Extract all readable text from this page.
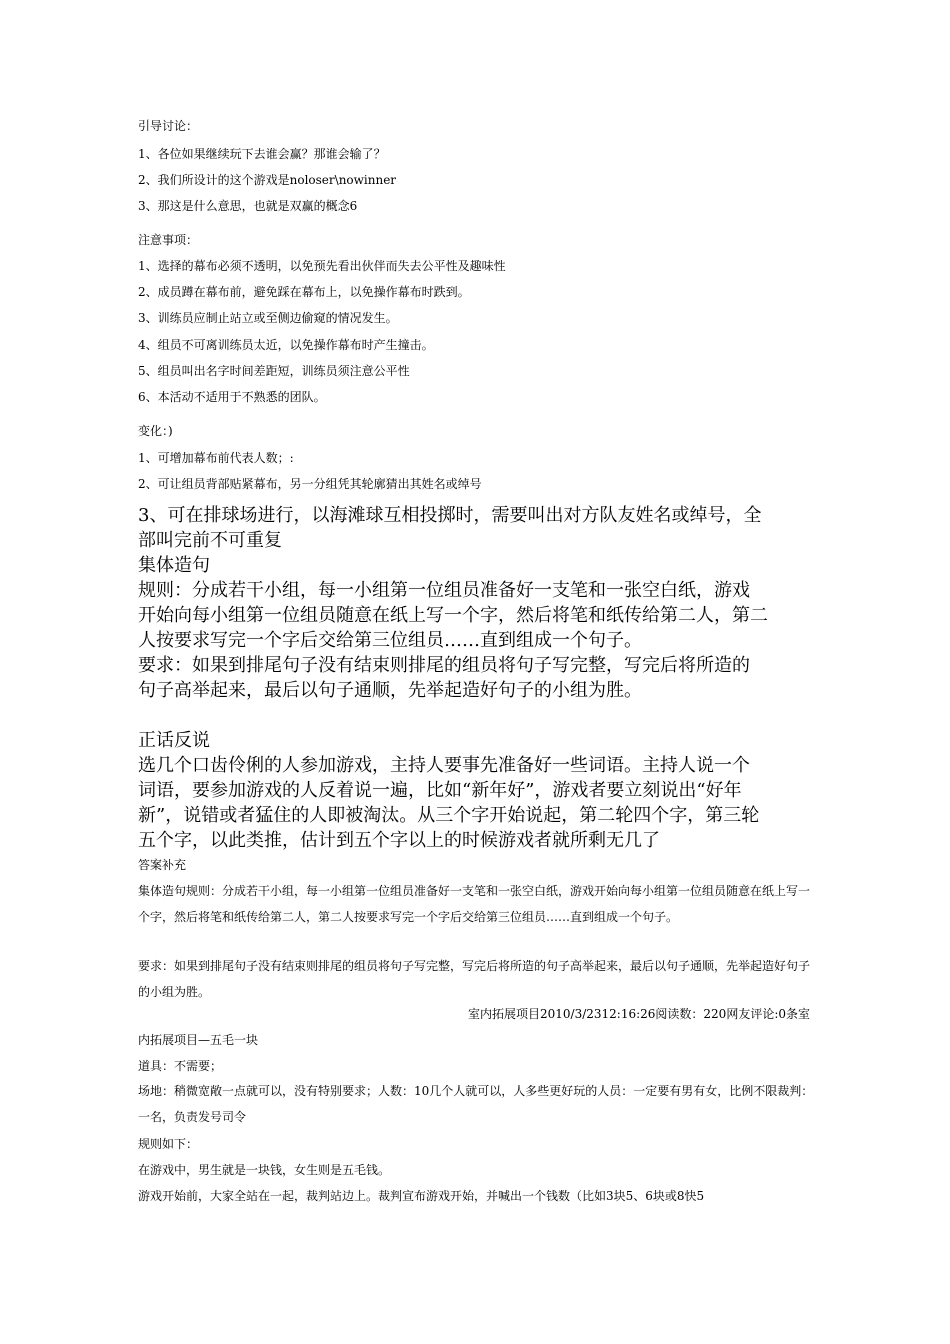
引导讨论：
1、各位如果继续玩下去谁会赢？那谁会输了？
2、我们所设计的这个游戏是noloser\nowinner
3、那这是什么意思，也就是双赢的概念6
注意事项：
1、选择的幕布必须不透明，以免预先看出伙伴而失去公平性及趣味性
2、成员蹲在幕布前，避免踩在幕布上，以免操作幕布时跌到。
3、训练员应制止站立或至侧边偷窥的情况发生。
4、组员不可离训练员太近，以免操作幕布时产生撞击。
5、组员叫出名字时间差距短，训练员须注意公平性
6、本活动不适用于不熟悉的团队。
变化：)
1、可增加幕布前代表人数；:
2、可让组员背部贴紧幕布，另一分组凭其轮廓猜出其姓名或绰号
3、可在排球场进行，以海滩球互相投掷时，需要叫出对方队友姓名或绰号，全
部叫完前不可重复
集体造句
规则：分成若干小组，每一小组第一位组员准备好一支笔和一张空白纸，游戏
开始向每小组第一位组员随意在纸上写一个字，然后将笔和纸传给第二人，第二
人按要求写完一个字后交给第三位组员……直到组成一个句子。
要求：如果到排尾句子没有结束则排尾的组员将句子写完整，写完后将所造的
句子高举起来，最后以句子通顺，先举起造好句子的小组为胜。
正话反说
选几个口齿伶俐的人参加游戏，主持人要事先准备好一些词语。主持人说一个
词语，要参加游戏的人反着说一遍，比如“新年好”，游戏者要立刻说出“好年
新”，说错或者猛住的人即被淘汰。从三个字开始说起，第二轮四个字，第三轮
五个字，以此类推，估计到五个字以上的时候游戏者就所剩无几了
答案补充
集体造句规则：分成若干小组，每一小组第一位组员准备好一支笔和一张空白纸，游戏开始向每小组第一位组员随意在纸上写一个字，然后将笔和纸传给第二人，第二人按要求写完一个字后交给第三位组员……直到组成一个句子。
要求：如果到排尾句子没有结束则排尾的组员将句子写完整，写完后将所造的句子高举起来，最后以句子通顺，先举起造好句子的小组为胜。
室内拓展项目2010/3/2312:16:26阅读数：220网友评论:0条室
内拓展项目—五毛一块
道具：不需要；
场地：稍微宽敞一点就可以，没有特别要求；人数：10几个人就可以，人多些更好玩的人员：一定要有男有女，比例不限裁判：一名，负责发号司令
规则如下：
在游戏中，男生就是一块钱，女生则是五毛钱。
游戏开始前，大家全站在一起，裁判站边上。裁判宣布游戏开始，并喊出一个钱数（比如3块5、6块或8快5
